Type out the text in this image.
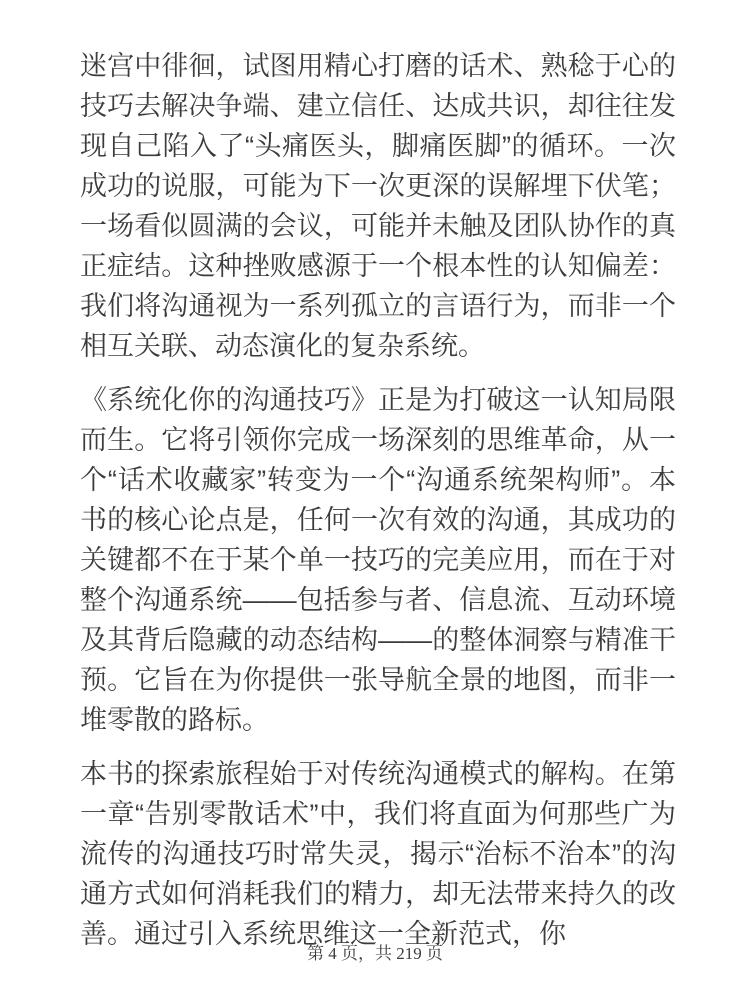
迷宫中徘徊，试图用精心打磨的话术、熟稔于心的技巧去解决争端、建立信任、达成共识，却往往发现自己陷入了“头痛医头，脚痛医脚”的循环。一次成功的说服，可能为下一次更深的误解埋下伏笔；一场看似圆满的会议，可能并未触及团队协作的真正症结。这种挫败感源于一个根本性的认知偏差：我们将沟通视为一系列孤立的言语行为，而非一个相互关联、动态演化的复杂系统。

《系统化你的沟通技巧》正是为打破这一认知局限而生。它将引领你完成一场深刻的思维革命，从一个“话术收藏家”转变为一个“沟通系统架构师”。本书的核心论点是，任何一次有效的沟通，其成功的关键都不在于某个单一技巧的完美应用，而在于对整个沟通系统——包括参与者、信息流、互动环境及其背后隐藏的动态结构——的整体洞察与精准干预。它旨在为你提供一张导航全景的地图，而非一堆零散的路标。

本书的探索旅程始于对传统沟通模式的解构。在第一章“告别零散话术”中，我们将直面为何那些广为流传的沟通技巧时常失灵，揭示“治标不治本”的沟通方式如何消耗我们的精力，却无法带来持久的改善。通过引入系统思维这一全新范式，你

第 4 页，共 219 页
